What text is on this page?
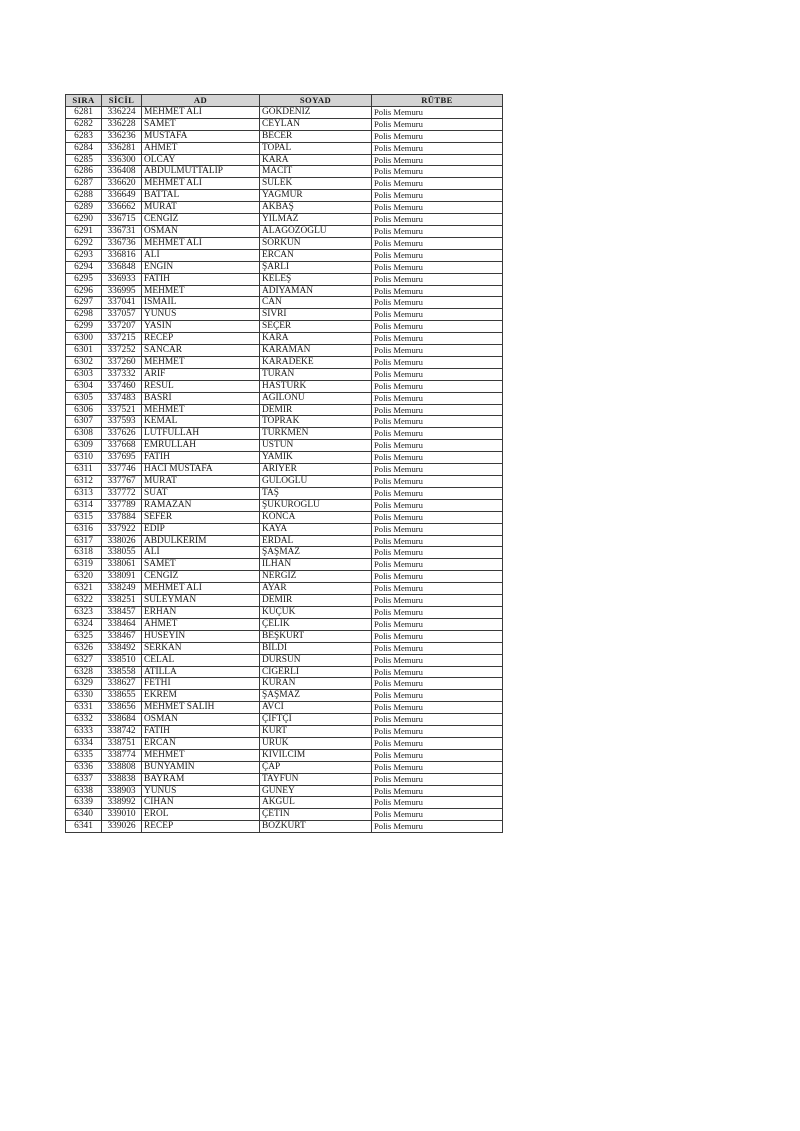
SIRA	SİCİL	AD	SOYAD	RÜTBE
6281	336224	MEHMET ALİ	GÖKDENİZ	Polis Memuru
6282	336228	SAMET	CEYLAN	Polis Memuru
6283	336236	MUSTAFA	BECER	Polis Memuru
6284	336281	AHMET	TOPAL	Polis Memuru
6285	336300	OLCAY	KARA	Polis Memuru
6286	336408	ABDULMUTTALİP	MACİT	Polis Memuru
6287	336620	MEHMET ALİ	SÜLEK	Polis Memuru
6288	336649	BATTAL	YAĞMUR	Polis Memuru
6289	336662	MURAT	AKBAŞ	Polis Memuru
6290	336715	CENGİZ	YILMAZ	Polis Memuru
6291	336731	OSMAN	ALAGÖZOĞLU	Polis Memuru
6292	336736	MEHMET ALİ	SORKUN	Polis Memuru
6293	336816	ALİ	ERCAN	Polis Memuru
6294	336848	ENGİN	ŞARLI	Polis Memuru
6295	336933	FATİH	KELEŞ	Polis Memuru
6296	336995	MEHMET	ADIYAMAN	Polis Memuru
6297	337041	İSMAİL	CAN	Polis Memuru
6298	337057	YUNUS	SİVRİ	Polis Memuru
6299	337207	YASİN	SEÇER	Polis Memuru
6300	337215	RECEP	KARA	Polis Memuru
6301	337252	SANCAR	KARAMAN	Polis Memuru
6302	337260	MEHMET	KARADEKE	Polis Memuru
6303	337332	ARİF	TURAN	Polis Memuru
6304	337460	RESUL	HASTÜRK	Polis Memuru
6305	337483	BASRİ	AĞILÖNÜ	Polis Memuru
6306	337521	MEHMET	DEMİR	Polis Memuru
6307	337593	KEMAL	TOPRAK	Polis Memuru
6308	337626	LÜTFULLAH	TÜRKMEN	Polis Memuru
6309	337668	EMRULLAH	ÜSTÜN	Polis Memuru
6310	337695	FATİH	YAMIK	Polis Memuru
6311	337746	HACI MUSTAFA	ARIYER	Polis Memuru
6312	337767	MURAT	GÜLOĞLU	Polis Memuru
6313	337772	SUAT	TAŞ	Polis Memuru
6314	337789	RAMAZAN	ŞÜKÜROĞLU	Polis Memuru
6315	337884	SEFER	KONCA	Polis Memuru
6316	337922	EDİP	KAYA	Polis Memuru
6317	338026	ABDULKERİM	ERDAL	Polis Memuru
6318	338055	ALİ	ŞAŞMAZ	Polis Memuru
6319	338061	SAMET	İLHAN	Polis Memuru
6320	338091	CENGİZ	NERGİZ	Polis Memuru
6321	338249	MEHMET ALİ	AYAR	Polis Memuru
6322	338251	SÜLEYMAN	DEMİR	Polis Memuru
6323	338457	ERHAN	KÜÇÜK	Polis Memuru
6324	338464	AHMET	ÇELİK	Polis Memuru
6325	338467	HÜSEYİN	BEŞKURT	Polis Memuru
6326	338492	SERKAN	BİLDİ	Polis Memuru
6327	338510	CELAL	DURSUN	Polis Memuru
6328	338558	ATİLLA	CİĞERLİ	Polis Memuru
6329	338627	FETHİ	KURAN	Polis Memuru
6330	338655	EKREM	ŞAŞMAZ	Polis Memuru
6331	338656	MEHMET SALİH	AVCI	Polis Memuru
6332	338684	OSMAN	ÇİFTÇİ	Polis Memuru
6333	338742	FATİH	KURT	Polis Memuru
6334	338751	ERCAN	URUK	Polis Memuru
6335	338774	MEHMET	KIVILCIM	Polis Memuru
6336	338808	BÜNYAMİN	ÇAP	Polis Memuru
6337	338838	BAYRAM	TAYFUN	Polis Memuru
6338	338903	YUNUS	GÜNEY	Polis Memuru
6339	338992	CİHAN	AKGÜL	Polis Memuru
6340	339010	EROL	ÇETİN	Polis Memuru
6341	339026	RECEP	BOZKURT	Polis Memuru
